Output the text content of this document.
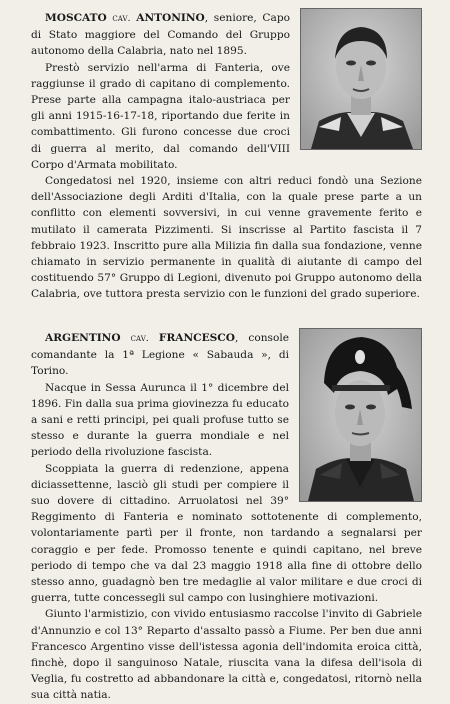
MOSCATO cav. ANTONINO, seniore, Capo di Stato maggiore del Comando del Gruppo autonomo della Calabria, nato nel 1895.

Prestò servizio nell'arma di Fanteria, ove raggiunse il grado di capitano di complemento. Prese parte alla campagna italo-austriaca per gli anni 1915-16-17-18, riportando due ferite in combattimento. Gli furono concesse due croci di guerra al merito, dal comando dell'VIII Corpo d'Armata mobilitato.

Congedatosi nel 1920, insieme con altri reduci fondò una Sezione dell'Associazione degli Arditi d'Italia, con la quale prese parte a un conflitto con elementi sovversivi, in cui venne gravemente ferito e mutilato il camerata Pizzimenti. Si inscrisse al Partito fascista il 7 febbraio 1923. Inscritto pure alla Milizia fin dalla sua fondazione, venne chiamato in servizio permanente in qualità di aiutante di campo del costituendo 57° Gruppo di Legioni, divenuto poi Gruppo autonomo della Calabria, ove tuttora presta servizio con le funzioni del grado superiore.

ARGENTINO cav. FRANCESCO, console comandante la 1ª Legione « Sabauda », di Torino.

Nacque in Sessa Aurunca il 1° dicembre del 1896. Fin dalla sua prima giovinezza fu educato a sani e retti principi, pei quali profuse tutto se stesso e durante la guerra mondiale e nel periodo della rivoluzione fascista.

Scoppiata la guerra di redenzione, appena diciassettenne, lasciò gli studi per compiere il suo dovere di cittadino. Arruolatosi nel 39° Reggimento di Fanteria e nominato sottotenente di complemento, volontariamente partì per il fronte, non tardando a segnalarsi per coraggio e per fede. Promosso tenente e quindi capitano, nel breve periodo di tempo che va dal 23 maggio 1918 alla fine di ottobre dello stesso anno, guadagnò ben tre medaglie al valor militare e due croci di guerra, tutte concessegli sul campo con lusinghiere motivazioni.

Giunto l'armistizio, con vivido entusiasmo raccolse l'invito di Gabriele d'Annunzio e col 13° Reparto d'assalto passò a Fiume. Per ben due anni Francesco Argentino visse dell'istessa agonia dell'indomita eroica città, finchè, dopo il sanguinoso Natale, riuscita vana la difesa dell'isola di Veglia, fu costretto ad abbandonare la città e, congedatosi, ritornò nella sua città natia.
